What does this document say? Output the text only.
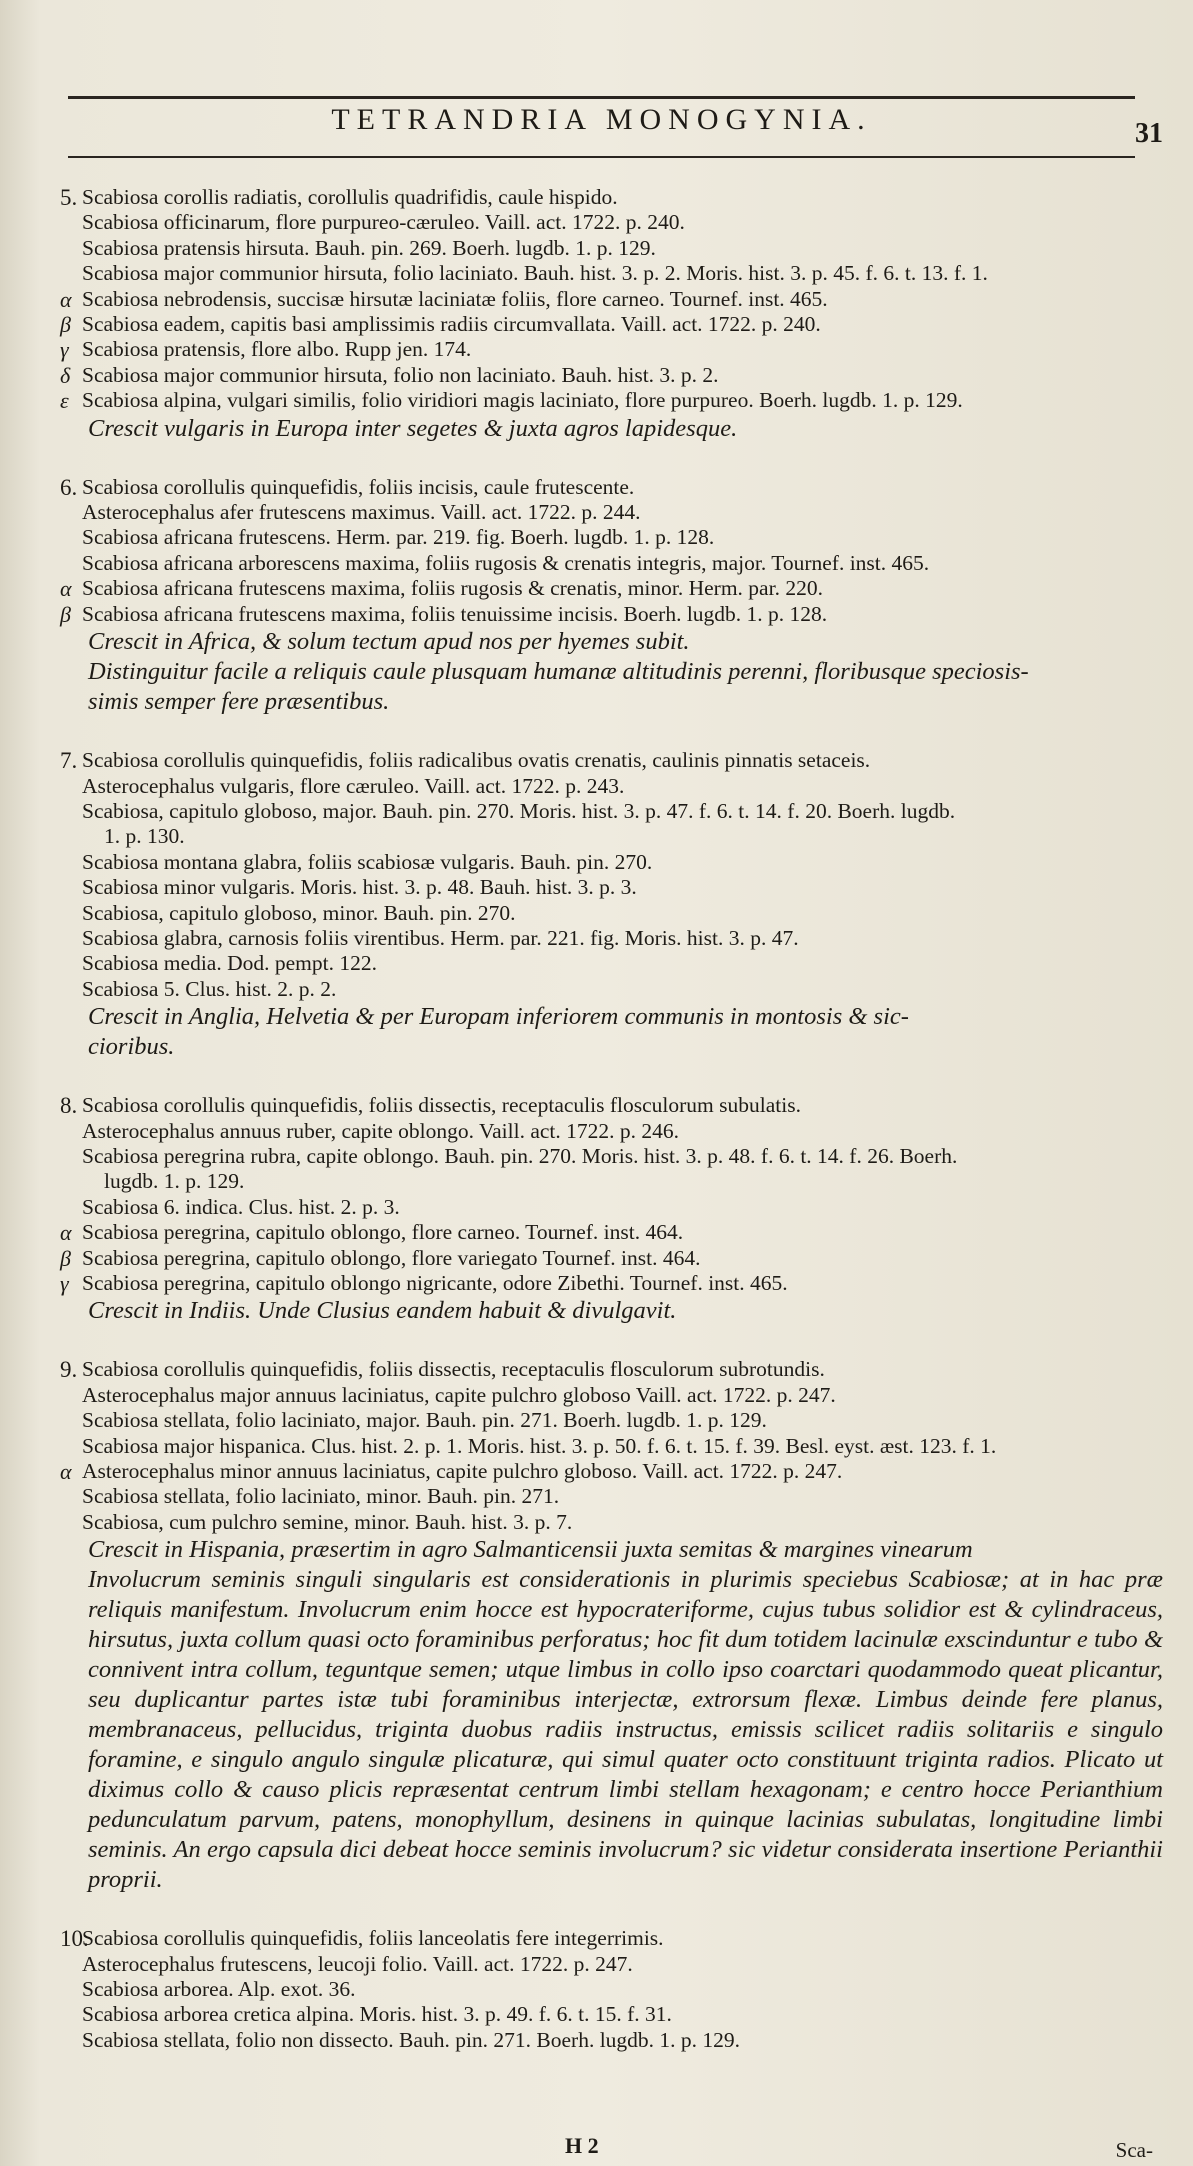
TETRANDRIA MONOGYNIA.	31
5. Scabiosa corollis radiatis, corollulis quadrifidis, caule hispido.
Scabiosa officinarum, flore purpureo-cæruleo. Vaill. act. 1722. p. 240.
Scabiosa pratensis hirsuta. Bauh. pin. 269. Boerh. lugdb. 1. p. 129.
Scabiosa major communior hirsuta, folio laciniato. Bauh. hist. 3. p. 2. Moris. hist. 3. p. 45. f. 6. t. 13. f. 1.
α Scabiosa nebrodensis, succisæ hirsutæ laciniatæ foliis, flore carneo. Tournef. inst. 465.
β Scabiosa eadem, capitis basi amplissimis radiis circumvallata. Vaill. act. 1722. p. 240.
γ Scabiosa pratensis, flore albo. Rupp jen. 174.
δ Scabiosa major communior hirsuta, folio non laciniato. Bauh. hist. 3. p. 2.
ε Scabiosa alpina, vulgari similis, folio viridiori magis laciniato, flore purpureo. Boerh. lugdb. 1. p. 129.
Crescit vulgaris in Europa inter segetes & juxta agros lapidesque.
6. Scabiosa corollulis quinquefidis, foliis incisis, caule frutescente.
Asterocephalus afer frutescens maximus. Vaill. act. 1722. p. 244.
Scabiosa africana frutescens. Herm. par. 219. fig. Boerh. lugdb. 1. p. 128.
Scabiosa africana arborescens maxima, foliis rugosis & crenatis integris, major. Tournef. inst. 465.
α Scabiosa africana frutescens maxima, foliis rugosis & crenatis, minor. Herm. par. 220.
β Scabiosa africana frutescens maxima, foliis tenuissime incisis. Boerh. lugdb. 1. p. 128.
Crescit in Africa, & solum tectum apud nos per hyemes subit.
Distinguitur facile a reliquis caule plusquam humanæ altitudinis perenni, floribusque speciosis-
simis semper fere præsentibus.
7. Scabiosa corollulis quinquefidis, foliis radicalibus ovatis crenatis, caulinis pinnatis setaceis.
Asterocephalus vulgaris, flore cæruleo. Vaill. act. 1722. p. 243.
Scabiosa, capitulo globoso, major. Bauh. pin. 270. Moris. hist. 3. p. 47. f. 6. t. 14. f. 20. Boerh. lugdb.
1. p. 130.
Scabiosa montana glabra, foliis scabiosæ vulgaris. Bauh. pin. 270.
Scabiosa minor vulgaris. Moris. hist. 3. p. 48. Bauh. hist. 3. p. 3.
Scabiosa, capitulo globoso, minor. Bauh. pin. 270.
Scabiosa glabra, carnosis foliis virentibus. Herm. par. 221. fig. Moris. hist. 3. p. 47.
Scabiosa media. Dod. pempt. 122.
Scabiosa 5. Clus. hist. 2. p. 2.
Crescit in Anglia, Helvetia & per Europam inferiorem communis in montosis & sic-
cioribus.
8. Scabiosa corollulis quinquefidis, foliis dissectis, receptaculis flosculorum subulatis.
Asterocephalus annuus ruber, capite oblongo. Vaill. act. 1722. p. 246.
Scabiosa peregrina rubra, capite oblongo. Bauh. pin. 270. Moris. hist. 3. p. 48. f. 6. t. 14. f. 26. Boerh.
lugdb. 1. p. 129.
Scabiosa 6. indica. Clus. hist. 2. p. 3.
α Scabiosa peregrina, capitulo oblongo, flore carneo. Tournef. inst. 464.
β Scabiosa peregrina, capitulo oblongo, flore variegato Tournef. inst. 464.
γ Scabiosa peregrina, capitulo oblongo nigricante, odore Zibethi. Tournef. inst. 465.
Crescit in Indiis. Unde Clusius eandem habuit & divulgavit.
9. Scabiosa corollulis quinquefidis, foliis dissectis, receptaculis flosculorum subrotundis.
Asterocephalus major annuus laciniatus, capite pulchro globoso Vaill. act. 1722. p. 247.
Scabiosa stellata, folio laciniato, major. Bauh. pin. 271. Boerh. lugdb. 1. p. 129.
Scabiosa major hispanica. Clus. hist. 2. p. 1. Moris. hist. 3. p. 50. f. 6. t. 15. f. 39. Besl. eyst. æst. 123. f. 1.
α Asterocephalus minor annuus laciniatus, capite pulchro globoso. Vaill. act. 1722. p. 247.
Scabiosa stellata, folio laciniato, minor. Bauh. pin. 271.
Scabiosa, cum pulchro semine, minor. Bauh. hist. 3. p. 7.
Crescit in Hispania, præsertim in agro Salmanticensii juxta semitas & margines vinearum
Involucrum seminis singuli singularis est considerationis in plurimis speciebus Scabiosæ; at in hac præ reliquis manifestum. Involucrum enim hocce est hypocrateriforme, cujus tubus solidior est & cylindraceus, hirsutus, juxta collum quasi octo foraminibus perforatus; hoc fit dum totidem lacinulæ exscinduntur e tubo & connivent intra collum, teguntque semen; utque limbus in collo ipso coarctari quodammodo queat plicantur, seu duplicantur partes istæ tubi foraminibus interjectæ, extrorsum flexæ. Limbus deinde fere planus, membranaceus, pellucidus, triginta duobus radiis instructus, emissis scilicet radiis solitariis e singulo foramine, e singulo angulo singulæ plicaturæ, qui simul quater octo constituunt triginta radios. Plicato ut diximus collo & causo plicis repræsentat centrum limbi stellam hexagonam; e centro hocce Perianthium pedunculatum parvum, patens, monophyllum, desinens in quinque lacinias subulatas, longitudine limbi seminis. An ergo capsula dici debeat hocce seminis involucrum? sic videtur considerata insertione Perianthii proprii.
10.
Scabiosa corollulis quinquefidis, foliis lanceolatis fere integerrimis.
Asterocephalus frutescens, leucoji folio. Vaill. act. 1722. p. 247.
Scabiosa arborea. Alp. exot. 36.
Scabiosa arborea cretica alpina. Moris. hist. 3. p. 49. f. 6. t. 15. f. 31.
Scabiosa stellata, folio non dissecto. Bauh. pin. 271. Boerh. lugdb. 1. p. 129.
H 2	Sca-
